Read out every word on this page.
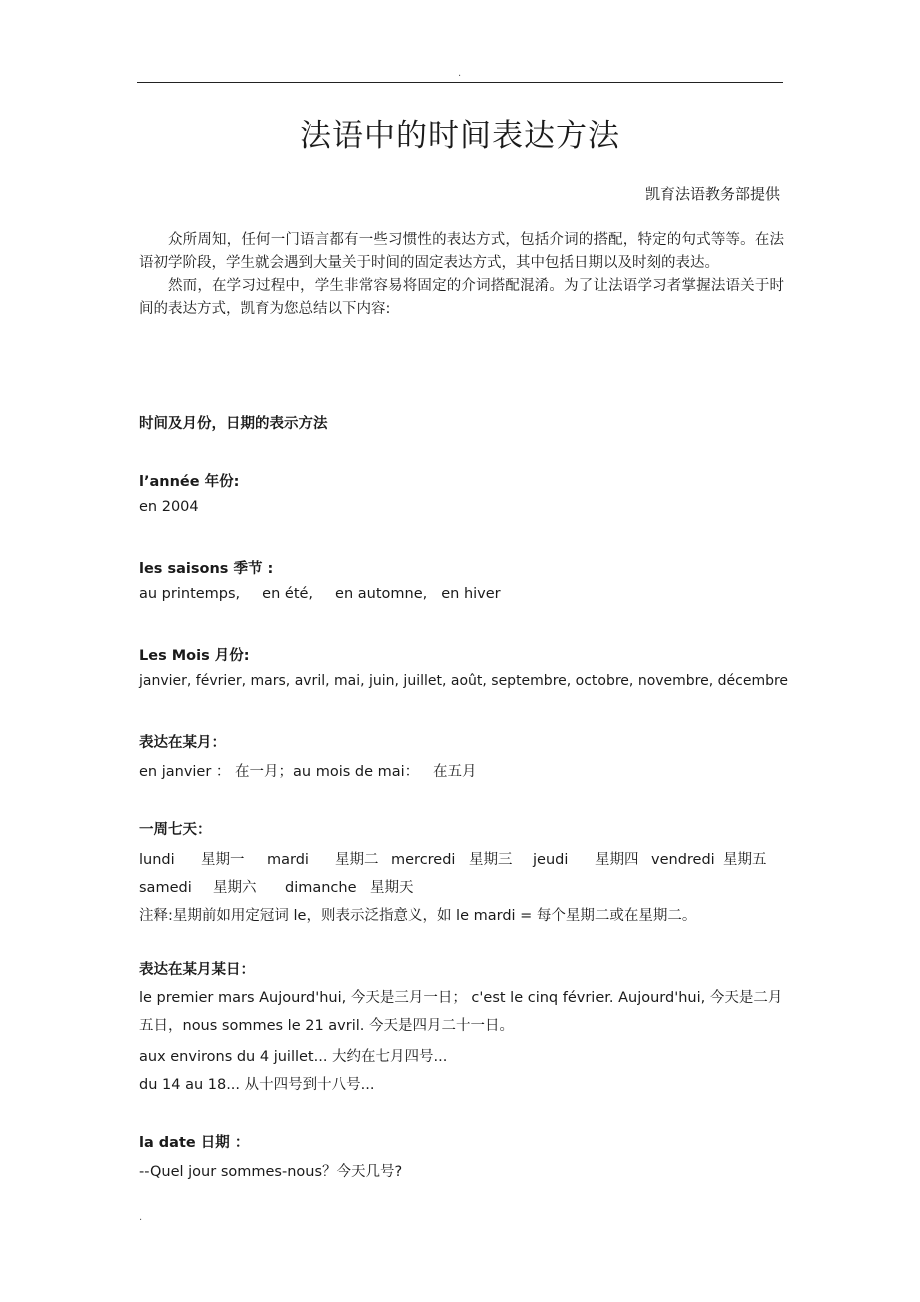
.
法语中的时间表达方法
凯育法语教务部提供

众所周知，任何一门语言都有一些习惯性的表达方式，包括介词的搭配，特定的句式等等。在法语初学阶段，学生就会遇到大量关于时间的固定表达方式，其中包括日期以及时刻的表达。

然而，在学习过程中，学生非常容易将固定的介词搭配混淆。为了让法语学习者掌握法语关于时间的表达方式，凯育为您总结以下内容:

时间及月份，日期的表示方法
l’année 年份:
en 2004
les saisons 季节 :
au printemps, en été, en automne, en hiver
Les Mois 月份:
janvier, février, mars, avril, mai, juin, juillet, août, septembre, octobre, novembre, décembre
表达在某月：
en janvier ： 在一月；au mois de mai：   在五月
一周七天：
lundi 星期一 mardi 星期二 mercredi 星期三 jeudi 星期四 vendredi 星期五
samedi 星期六 dimanche 星期天
注释:星期前如用定冠词 le，则表示泛指意义，如 le mardi = 每个星期二或在星期二。
表达在某月某日：
le premier mars Aujourd'hui, 今天是三月一日； c'est le cinq février. Aujourd'hui, 今天是二月五日，nous sommes le 21 avril. 今天是四月二十一日。
aux environs du 4 juillet... 大约在七月四号...
du 14 au 18... 从十四号到十八号...
la date 日期 ：
--Quel jour sommes-nous？今天几号?
.
